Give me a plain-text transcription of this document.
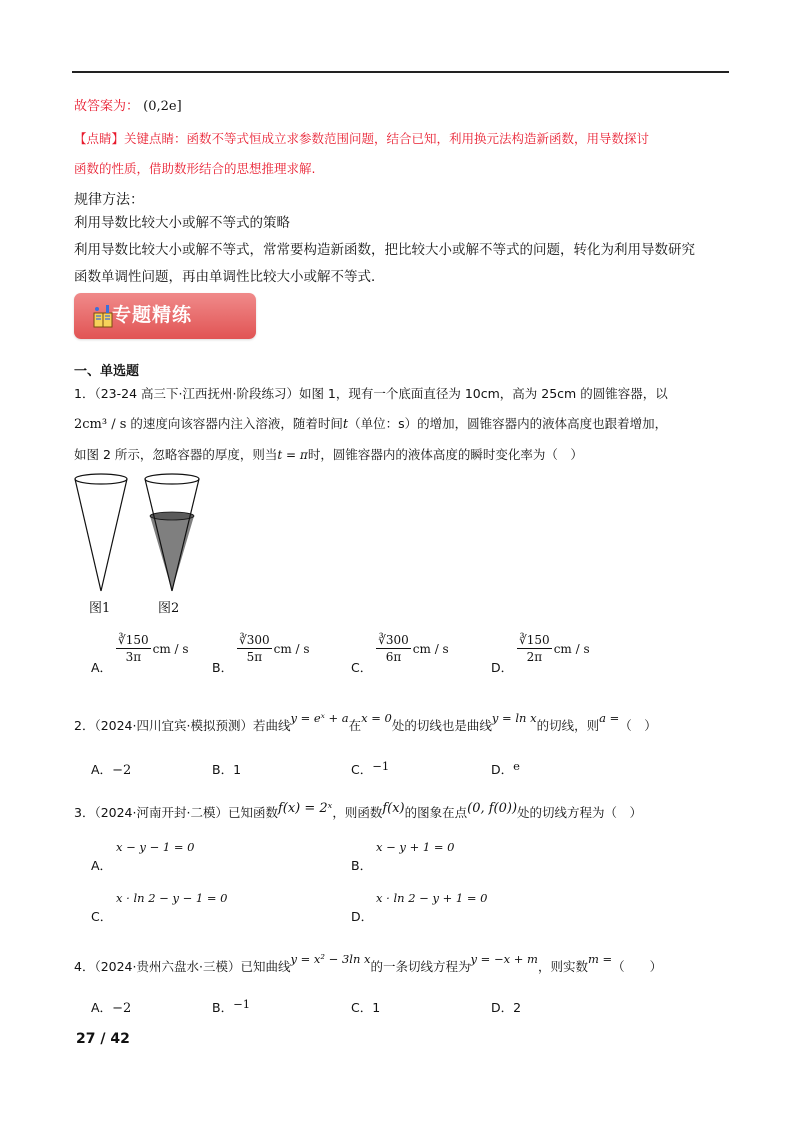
故答案为： (0,2e]
【点睛】关键点睛：函数不等式恒成立求参数范围问题，结合已知，利用换元法构造新函数，用导数探讨
函数的性质，借助数形结合的思想推理求解.
规律方法：
利用导数比较大小或解不等式的策略
利用导数比较大小或解不等式，常常要构造新函数，把比较大小或解不等式的问题，转化为利用导数研究
函数单调性问题，再由单调性比较大小或解不等式．
专题精练
一、单选题
1．（23-24 高三下·江西抚州·阶段练习）如图 1，现有一个底面直径为 10cm，高为 25cm 的圆锥容器，以
2cm³ / s 的速度向该容器内注入溶液，随着时间t（单位：s）的增加，圆锥容器内的液体高度也跟着增加，
如图 2 所示，忽略容器的厚度，则当t = π时，圆锥容器内的液体高度的瞬时变化率为（　）
图1	图2
A．
$\frac{∛150}{3\pi}$ cm / s
B．
$\frac{∛300}{5\pi}$ cm / s
C．
$\frac{∛300}{6\pi}$ cm / s
D．
$\frac{∛150}{2\pi}$ cm / s
2．（2024·四川宜宾·模拟预测）若曲线y = eˣ + a在x = 0处的切线也是曲线y = ln x的切线，则a =（　）
A．−2	B．1	C．−1	D．e
3．（2024·河南开封·二模）已知函数f(x) = 2ˣ，则函数f(x)的图象在点(0, f(0))处的切线方程为（　）
x − y − 1 = 0
A．
x − y + 1 = 0
B．
x · ln 2 − y − 1 = 0
C．
x · ln 2 − y + 1 = 0
D．
4．（2024·贵州六盘水·三模）已知曲线y = x² − 3ln x的一条切线方程为y = −x + m，则实数m =（　　）
A．−2	B．−1	C．1	D．2
27 / 42
